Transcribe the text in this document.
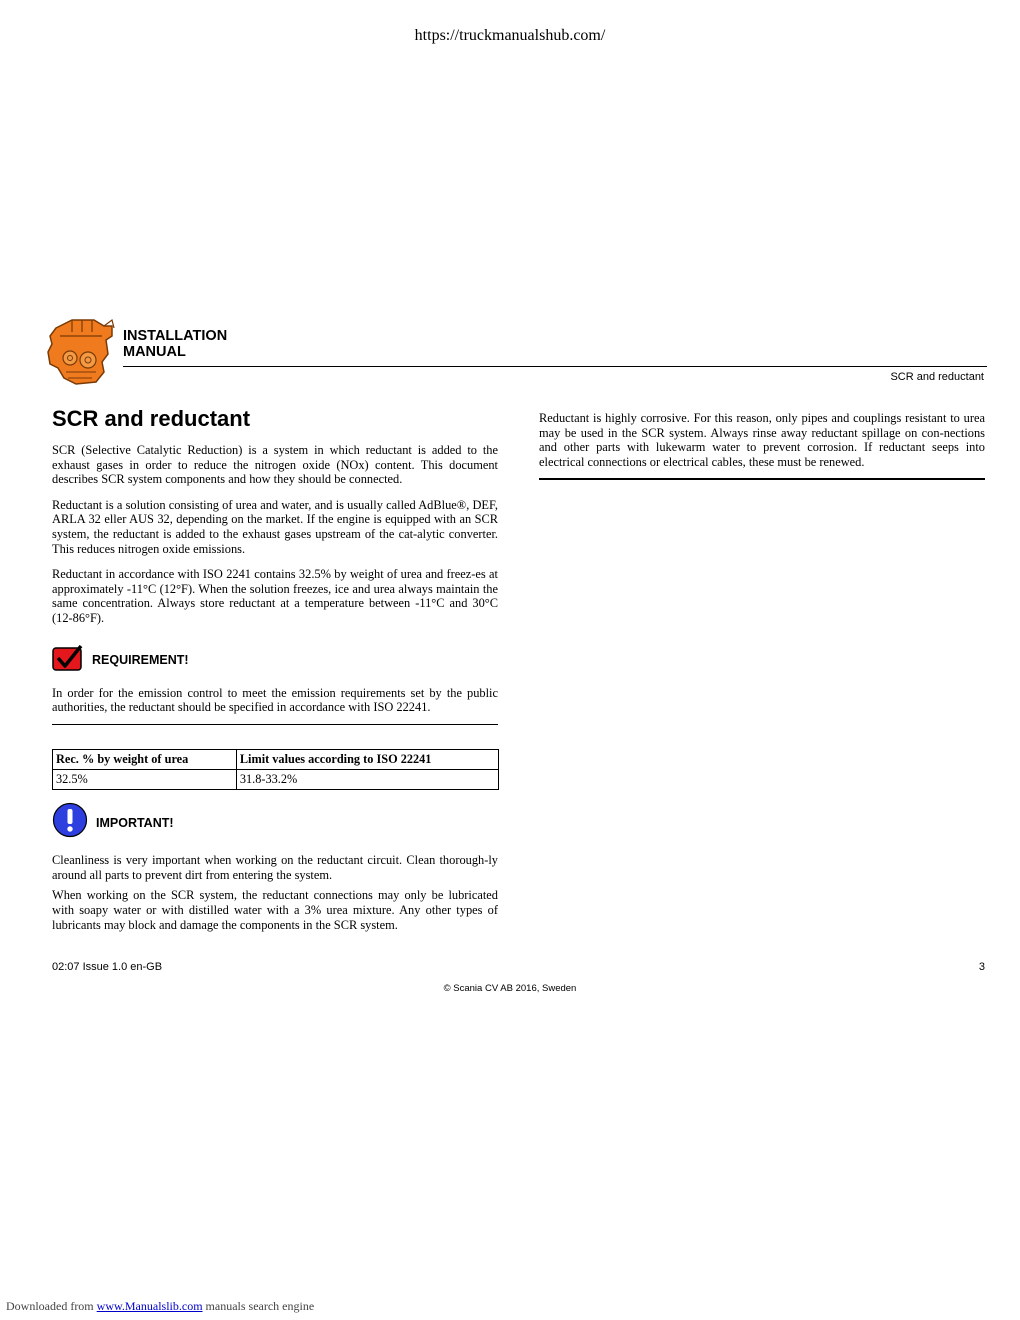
https://truckmanualshub.com/
INSTALLATION
MANUAL
SCR and reductant
SCR and reductant

SCR (Selective Catalytic Reduction) is a system in which reductant is added to the exhaust gases in order to reduce the nitrogen oxide (NOx) content. This document describes SCR system components and how they should be connected.

Reductant is a solution consisting of urea and water, and is usually called AdBlue®, DEF, ARLA 32 eller AUS 32, depending on the market. If the engine is equipped with an SCR system, the reductant is added to the exhaust gases upstream of the cat-alytic converter. This reduces nitrogen oxide emissions.

Reductant in accordance with ISO 2241 contains 32.5% by weight of urea and freez-es at approximately -11°C (12°F). When the solution freezes, ice and urea always maintain the same concentration. Always store reductant at a temperature between -11°C and 30°C (12-86°F).

REQUIREMENT!

In order for the emission control to meet the emission requirements set by the public authorities, the reductant should be specified in accordance with ISO 22241.

Rec. % by weight of urea	Limit values according to ISO 22241
32.5%	31.8-33.2%
IMPORTANT!

Cleanliness is very important when working on the reductant circuit. Clean thorough-ly around all parts to prevent dirt from entering the system.

When working on the SCR system, the reductant connections may only be lubricated with soapy water or with distilled water with a 3% urea mixture. Any other types of lubricants may block and damage the components in the SCR system.

Reductant is highly corrosive. For this reason, only pipes and couplings resistant to urea may be used in the SCR system. Always rinse away reductant spillage on con-nections and other parts with lukewarm water to prevent corrosion. If reductant seeps into electrical connections or electrical cables, these must be renewed.

02:07 Issue 1.0 en-GB	3
© Scania CV AB 2016, Sweden
Downloaded from www.Manualslib.com manuals search engine
